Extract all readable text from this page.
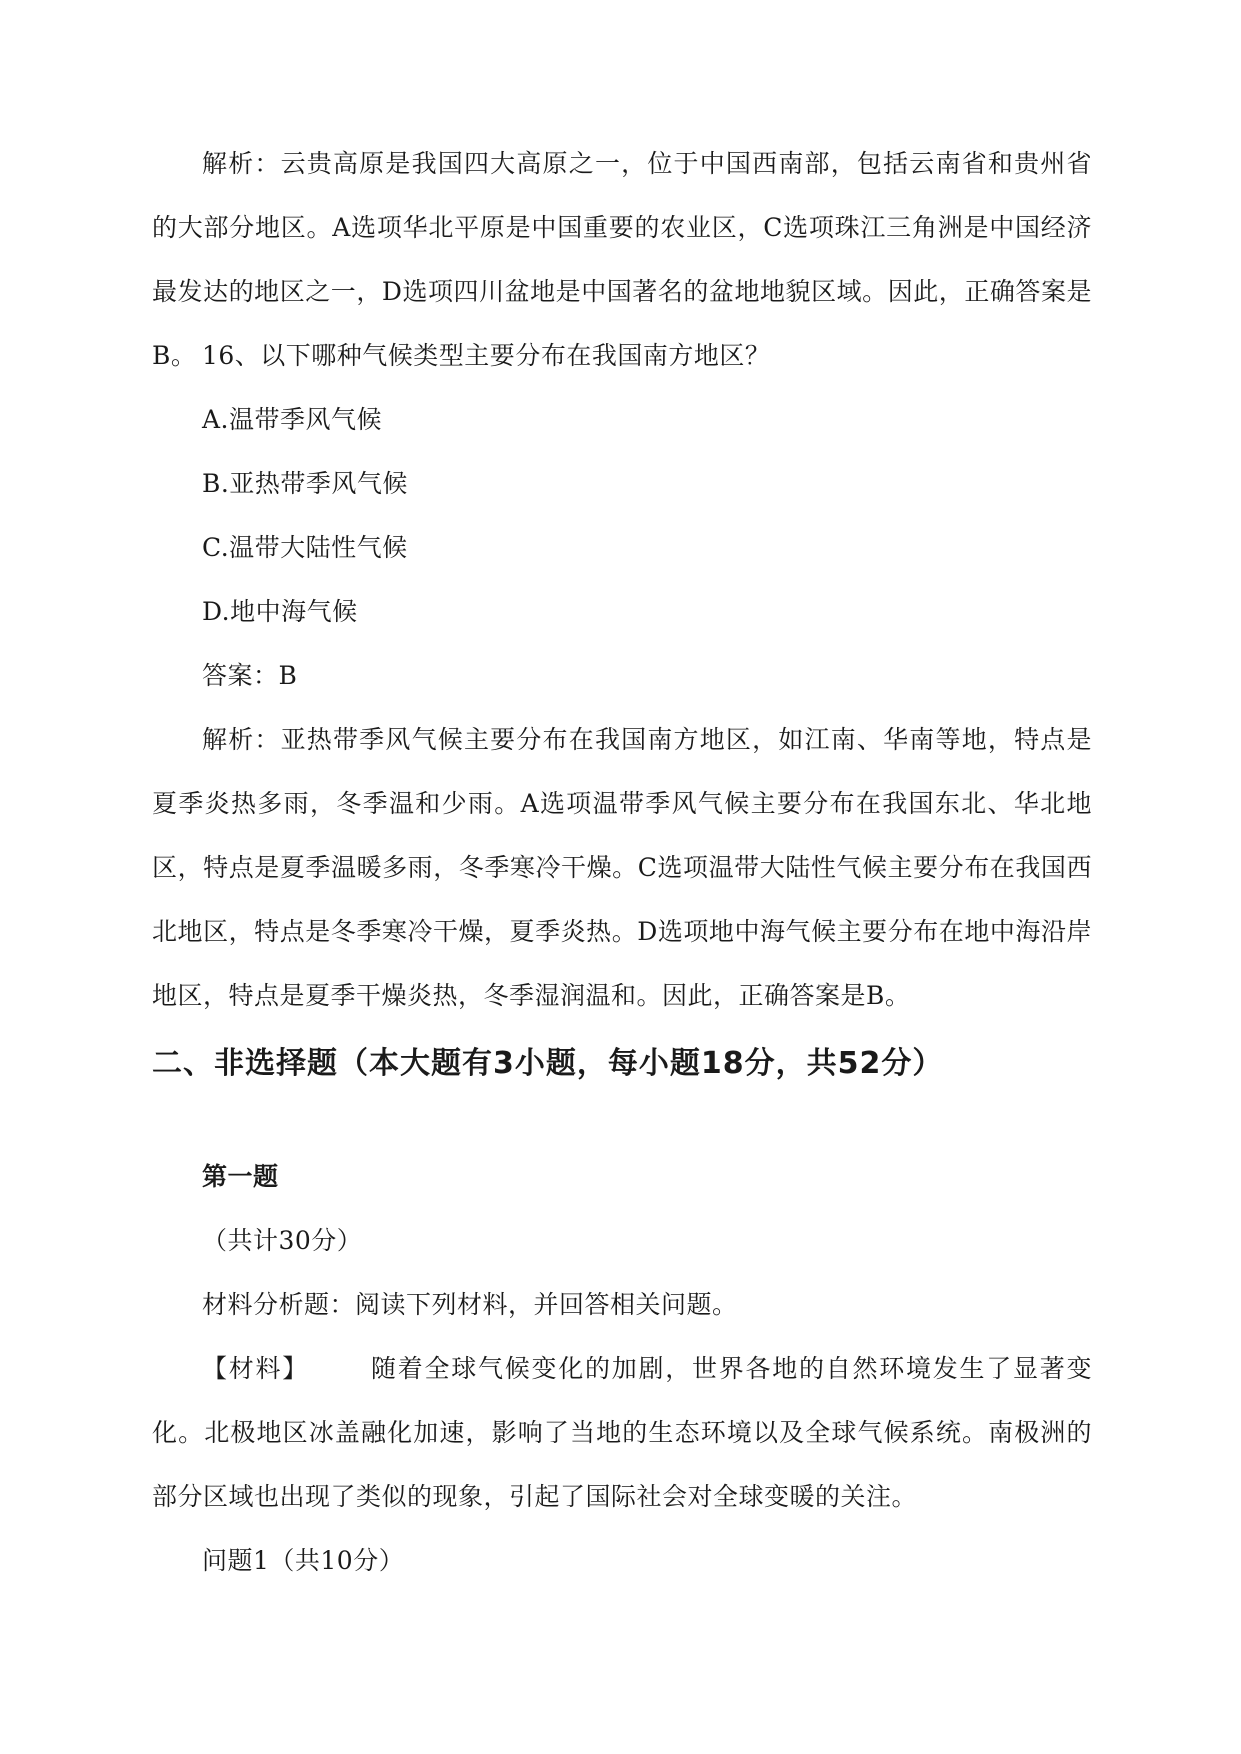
解析：云贵高原是我国四大高原之一，位于中国西南部，包括云南省和贵州省的大部分地区。A选项华北平原是中国重要的农业区，C选项珠江三角洲是中国经济最发达的地区之一，D选项四川盆地是中国著名的盆地地貌区域。因此，正确答案是B。 16、以下哪种气候类型主要分布在我国南方地区？

A.温带季风气候

B.亚热带季风气候

C.温带大陆性气候

D.地中海气候

答案：B

解析：亚热带季风气候主要分布在我国南方地区，如江南、华南等地，特点是夏季炎热多雨，冬季温和少雨。A选项温带季风气候主要分布在我国东北、华北地区，特点是夏季温暖多雨，冬季寒冷干燥。C选项温带大陆性气候主要分布在我国西北地区，特点是冬季寒冷干燥，夏季炎热。D选项地中海气候主要分布在地中海沿岸地区，特点是夏季干燥炎热，冬季湿润温和。因此，正确答案是B。

二、非选择题（本大题有3小题，每小题18分，共52分）

第一题

（共计30分）

材料分析题：阅读下列材料，并回答相关问题。

【材料】 随着全球气候变化的加剧，世界各地的自然环境发生了显著变化。北极地区冰盖融化加速，影响了当地的生态环境以及全球气候系统。南极洲的部分区域也出现了类似的现象，引起了国际社会对全球变暖的关注。

问题1（共10分）
